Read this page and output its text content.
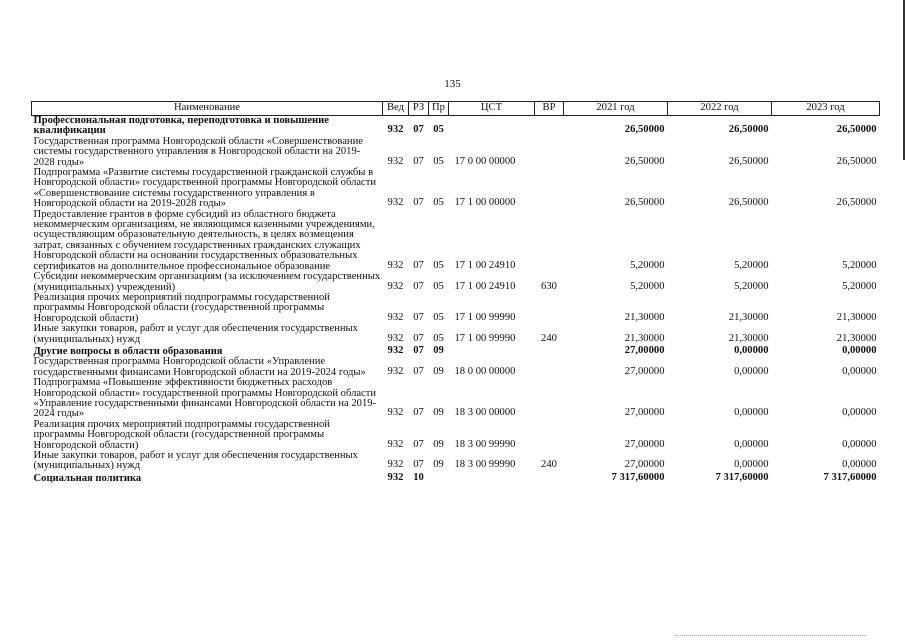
135
Наименование	Вед	РЗ	Пр	ЦСТ	ВР	2021 год	2022 год	2023 год
Профессиональная подготовка, переподготовка и повышение квалификации	932	07	05			26,50000	26,50000	26,50000
Государственная программа Новгородской области «Совершенствование системы государственного управления в Новгородской области на 2019-2028 годы»	932	07	05	17 0 00 00000		26,50000	26,50000	26,50000
Подпрограмма «Развитие системы государственной гражданской службы в Новгородской области» государственной программы Новгородской области «Совершенствование системы государственного управления в Новгородской области на 2019-2028 годы»	932	07	05	17 1 00 00000		26,50000	26,50000	26,50000
Предоставление грантов в форме субсидий из областного бюджета некоммерческим организациям, не являющимся казенными учреждениями, осуществляющим образовательную деятельность, в целях возмещения затрат, связанных с обучением государственных гражданских служащих Новгородской области на основании государственных образовательных сертификатов на дополнительное профессиональное образование	932	07	05	17 1 00 24910		5,20000	5,20000	5,20000
Субсидии некоммерческим организациям (за исключением государственных (муниципальных) учреждений)	932	07	05	17 1 00 24910	630	5,20000	5,20000	5,20000
Реализация прочих мероприятий подпрограммы государственной программы Новгородской области (государственной программы Новгородской области)	932	07	05	17 1 00 99990		21,30000	21,30000	21,30000
Иные закупки товаров, работ и услуг для обеспечения государственных (муниципальных) нужд	932	07	05	17 1 00 99990	240	21,30000	21,30000	21,30000
Другие вопросы в области образования	932	07	09			27,00000	0,00000	0,00000
Государственная программа Новгородской области «Управление государственными финансами Новгородской области на 2019-2024 годы»	932	07	09	18 0 00 00000		27,00000	0,00000	0,00000
Подпрограмма «Повышение эффективности бюджетных расходов Новгородской области» государственной программы Новгородской области «Управление государственными финансами Новгородской области на 2019-2024 годы»	932	07	09	18 3 00 00000		27,00000	0,00000	0,00000
Реализация прочих мероприятий подпрограммы государственной программы Новгородской области (государственной программы Новгородской области)	932	07	09	18 3 00 99990		27,00000	0,00000	0,00000
Иные закупки товаров, работ и услуг для обеспечения государственных (муниципальных) нужд	932	07	09	18 3 00 99990	240	27,00000	0,00000	0,00000
Социальная политика	932	10				7 317,60000	7 317,60000	7 317,60000
